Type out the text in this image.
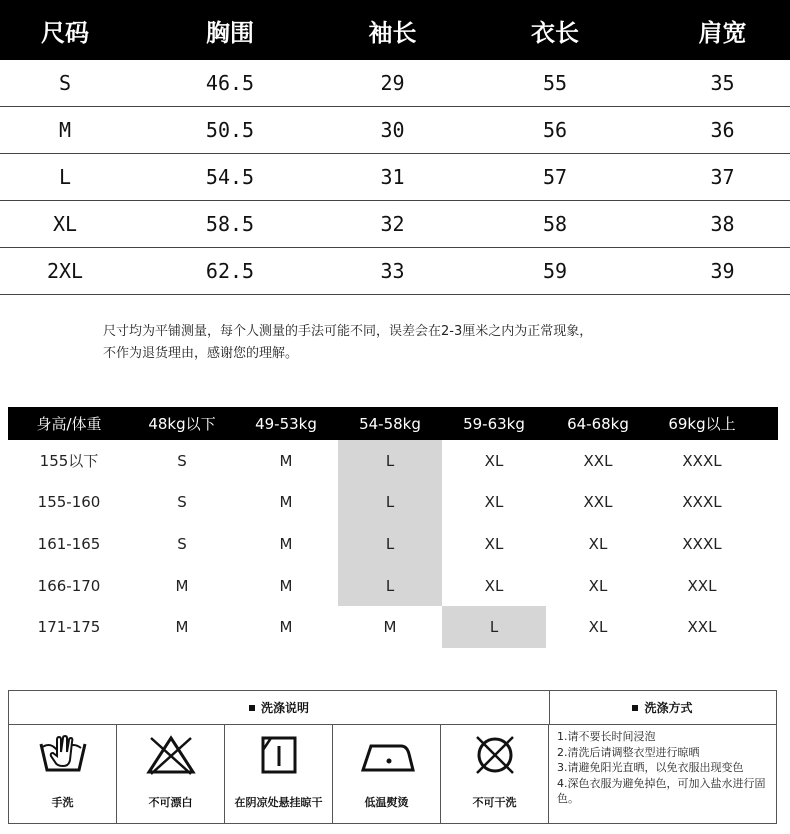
尺码	胸围	袖长	衣长	肩宽
S	46.5	29	55	35
M	50.5	30	56	36
L	54.5	31	57	37
XL	58.5	32	58	38
2XL	62.5	33	59	39
尺寸均为平铺测量，每个人测量的手法可能不同，误差会在2-3厘米之内为正常现象，
不作为退货理由，感谢您的理解。
身高/体重	48kg以下	49-53kg	54-58kg	59-63kg	64-68kg	69kg以上
155以下	S	M	L	XL	XXL	XXXL
155-160	S	M	L	XL	XXL	XXXL
161-165	S	M	L	XL	XL	XXXL
166-170	M	M	L	XL	XL	XXL
171-175	M	M	M	L	XL	XXL
洗涤说明	洗涤方式
手洗	不可漂白	在阴凉处悬挂晾干	低温熨烫	不可干洗
1.请不要长时间浸泡
2.清洗后请调整衣型进行晾晒
3.请避免阳光直晒，以免衣服出现变色
4.深色衣服为避免掉色，可加入盐水进行固色。
